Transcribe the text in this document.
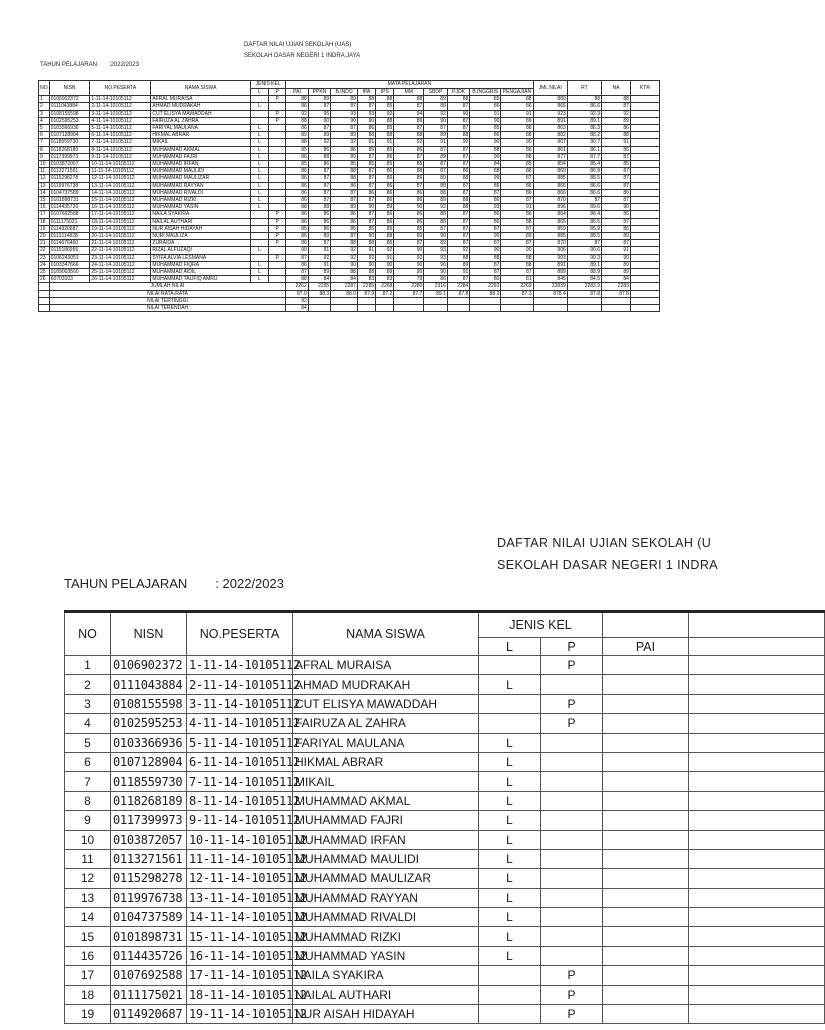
DAFTAR NILAI UJIAN SEKOLAH (UAS)
SEKOLAH DASAR NEGERI 1 INDRA JAYA
TAHUN PELAJARAN :2022/2023
NO	NISN	NO.PESERTA	NAMA SISWA	JENIS KEL		MATA PELAJARAN										JML NILAI	RT	NA	KTR
				L	P	PAI	PPKN	B.INDO	IPA	IPS	MM	SBDP	PJOK	B.INGGRIS	PENGAJIAN				
1	0106902372	1-11-14-10105112	AFRAL MURAISA		P	88	89	89	88	88	88	89	88	85	88	880	88	88	
2	0111043884	2-11-14-10105112	AHMAD MUDRAKAH	L		86	87	87	87	85	87	88	87	86	86	866	86.6	87	
3	0108155598	3-11-14-10105112	CUT ELISYA MAWADDAH		P	92	95	93	93	92	94	92	90	91	91	923	92.3	92	
4	0102595253	4-11-14-10105112	FAIRUZA AL ZAHRA		P	88	90	90	90	88	89	90	87	90	89	891	89.1	89	
5	0103366936	5-11-14-10105112	FARIYAL MAULANA	L		86	87	87	86	85	87	87	87	85	86	863	86.3	86	
6	0107128904	6-11-14-10105112	HIKMAL ABRAR	L		89	89	89	88	88	88	89	88	86	88	882	88.2	88	
7	0118559730	7-11-14-10105112	MIKAIL	L		88	92	92	91	91	92	91	90	90	90	907	90.7	91	
8	0118268189	8-11-14-10105112	MUHAMMAD AKMAL	L		85	86	86	85	85	86	87	87	88	86	861	86.1	86	
9	0117399973	9-11-14-10105112	MUHAMMAD FAJRI	L		86	88	89	87	86	87	89	87	90	88	877	87.7	87	
10	0103872057	10-11-14-10105112	MUHAMMAD IRFAN	L		85	86	85	85	85	85	87	87	84	85	854	85.4	85	
11	0113271561	11-11-14-10105112	MUHAMMAD MAULIDI	L		86	87	88	87	86	88	87	86	88	86	869	86.9	87	
12	0115298278	12-11-14-10105112	MUHAMMAD MAULIZAR	L		86	87	88	87	86	86	89	88	99	87	885	88.5	87	
13	0119976738	13-11-14-10105112	MUHAMMAD RAYYAN	L		86	87	86	87	86	87	88	87	86	86	866	86.6	87	
14	0104737589	14-11-14-10105112	MUHAMMAD RIVALDI	L		86	87	87	86	86	86	88	87	87	86	866	86.6	86	
15	0101898731	15-11-14-10105112	MUHAMMAD RIZKI	L		86	87	87	87	86	86	89	88	86	87	870	87	87	
16	0114435726	16-11-14-10105112	MUHAMMAD YASIN	L		88	88	89	90	89	90	92	88	93	91	896	89.6	90	
17	0107692588	17-11-14-10105112	NAILA SYAKIRA		P	86	86	86	87	86	86	88	87	86	86	864	86.4	86	
18	0111175021	18-11-14-10105112	NAILAL AUTHARI		P	86	86	86	87	86	86	88	87	86	88	865	86.5	87	
19	0114920687	19-11-14-10105112	NUR AISAH HIDAYAH		P	85	86	85	85	85	85	87	87	87	87	859	85.9	86	
20	0113114828	20-11-14-10105112	NURI MAULIZA		P	86	89	87	90	88	89	90	87	90	89	885	88.5	89	
21	0114676460	21-11-14-10105112	ZURAIDA		P	86	87	88	88	86	87	89	87	87	87	870	87	87	
22	0115186955	22-11-14-10105112	RIZAL ALFUZAQI	L		90	91	92	91	92	90	93	92	90	90	906	90.6	91	
23	0106243051	23-11-14-10105112	SYIFA ALVIA LESMANA		P	87	92	92	92	91	92	93	88	88	88	903	90.3	90	
24	0103347666	24-11-14-10105112	MUHAMMAD FIQRA	L		86	91	90	90	90	90	90	89	87	88	891	89.1	89	
25	0109003560	25-11-14-10105112	MUHAMMAD AIDIL	L		87	89	88	88	89	90	90	91	87	87	889	88.9	89	
26	60703103	26-11-14-10105112	MUHAMMAD TAUFIQ AMRU	L		88	84	84	83	83	79	86	87	80	81	845	84.5	84	
	JUMLAH NILAI					2262	2295	2287	2285	2268	2280	2316	2284	2293	2269	22839	2283.9	2283	
	NILAI RATA-RATA					87.0	88.3	88.0	87.9	87.2	87.7	89.1	87.8	88.2	87.3	878.4	87.8	87.8	
	NILAI TERTINGGI					92													
	NILAI TERENDAH					84													
DAFTAR NILAI UJIAN SEKOLAH (U
SEKOLAH DASAR NEGERI 1 INDRA
TAHUN PELAJARAN : 2022/2023
NO	NISN	NO.PESERTA	NAMA SISWA	JENIS KEL			
				L	P	PAI	
1	0106902372	1-11-14-10105112	AFRAL MURAISA		P		
2	0111043884	2-11-14-10105112	AHMAD MUDRAKAH	L			
3	0108155598	3-11-14-10105112	CUT ELISYA MAWADDAH		P		
4	0102595253	4-11-14-10105112	FAIRUZA AL ZAHRA		P		
5	0103366936	5-11-14-10105112	FARIYAL MAULANA	L			
6	0107128904	6-11-14-10105112	HIKMAL ABRAR	L			
7	0118559730	7-11-14-10105112	MIKAIL	L			
8	0118268189	8-11-14-10105112	MUHAMMAD AKMAL	L			
9	0117399973	9-11-14-10105112	MUHAMMAD FAJRI	L			
10	0103872057	10-11-14-10105112	MUHAMMAD IRFAN	L			
11	0113271561	11-11-14-10105112	MUHAMMAD MAULIDI	L			
12	0115298278	12-11-14-10105112	MUHAMMAD MAULIZAR	L			
13	0119976738	13-11-14-10105112	MUHAMMAD RAYYAN	L			
14	0104737589	14-11-14-10105112	MUHAMMAD RIVALDI	L			
15	0101898731	15-11-14-10105112	MUHAMMAD RIZKI	L			
16	0114435726	16-11-14-10105112	MUHAMMAD YASIN	L			
17	0107692588	17-11-14-10105112	NAILA SYAKIRA		P		
18	0111175021	18-11-14-10105112	NAILAL AUTHARI		P		
19	0114920687	19-11-14-10105112	NUR AISAH HIDAYAH		P		
